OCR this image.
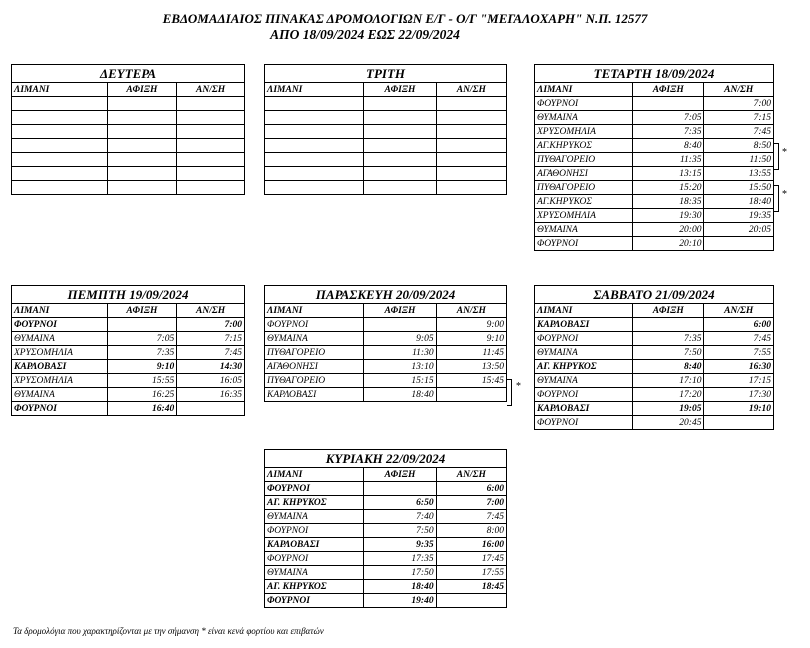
ΕΒΔΟΜΑΔΙΑΙΟΣ ΠΙΝΑΚΑΣ ΔΡΟΜΟΛΟΓΙΩΝ Ε/Γ - Ο/Γ "ΜΕΓΑΛΟΧΑΡΗ" Ν.Π. 12577
ΑΠΟ 18/09/2024 ΕΩΣ 22/09/2024
ΔΕΥΤΕΡΑ		
ΛΙΜΑΝΙ	ΑΦΙΞΗ	ΑΝ/ΣΗ

ΤΡΙΤΗ		
ΛΙΜΑΝΙ	ΑΦΙΞΗ	ΑΝ/ΣΗ

ΤΕΤΑΡΤΗ 18/09/2024		
ΛΙΜΑΝΙ	ΑΦΙΞΗ	ΑΝ/ΣΗ
ΦΟΥΡΝΟΙ		7:00
ΘΥΜΑΙΝΑ	7:05	7:15
ΧΡΥΣΟΜΗΛΙΑ	7:35	7:45
ΑΓ.ΚΗΡΥΚΟΣ	8:40	8:50
ΠΥΘΑΓΟΡΕΙΟ	11:35	11:50
ΑΓΑΘΟΝΗΣΙ	13:15	13:55
ΠΥΘΑΓΟΡΕΙΟ	15:20	15:50
ΑΓ.ΚΗΡΥΚΟΣ	18:35	18:40
ΧΡΥΣΟΜΗΛΙΑ	19:30	19:35
ΘΥΜΑΙΝΑ	20:00	20:05
ΦΟΥΡΝΟΙ	20:10	
ΠΕΜΠΤΗ 19/09/2024		
ΛΙΜΑΝΙ	ΑΦΙΞΗ	ΑΝ/ΣΗ
ΦΟΥΡΝΟΙ		7:00
ΘΥΜΑΙΝΑ	7:05	7:15
ΧΡΥΣΟΜΗΛΙΑ	7:35	7:45
ΚΑΡΛΟΒΑΣΙ	9:10	14:30
ΧΡΥΣΟΜΗΛΙΑ	15:55	16:05
ΘΥΜΑΙΝΑ	16:25	16:35
ΦΟΥΡΝΟΙ	16:40	
ΠΑΡΑΣΚΕΥΗ 20/09/2024		
ΛΙΜΑΝΙ	ΑΦΙΞΗ	ΑΝ/ΣΗ
ΦΟΥΡΝΟΙ		9:00
ΘΥΜΑΙΝΑ	9:05	9:10
ΠΥΘΑΓΟΡΕΙΟ	11:30	11:45
ΑΓΑΘΟΝΗΣΙ	13:10	13:50
ΠΥΘΑΓΟΡΕΙΟ	15:15	15:45
ΚΑΡΛΟΒΑΣΙ	18:40	
ΣΑΒΒΑΤΟ 21/09/2024		
ΛΙΜΑΝΙ	ΑΦΙΞΗ	ΑΝ/ΣΗ
ΚΑΡΛΟΒΑΣΙ		6:00
ΦΟΥΡΝΟΙ	7:35	7:45
ΘΥΜΑΙΝΑ	7:50	7:55
ΑΓ. ΚΗΡΥΚΟΣ	8:40	16:30
ΘΥΜΑΙΝΑ	17:10	17:15
ΦΟΥΡΝΟΙ	17:20	17:30
ΚΑΡΛΟΒΑΣΙ	19:05	19:10
ΦΟΥΡΝΟΙ	20:45	
ΚΥΡΙΑΚΗ 22/09/2024		
ΛΙΜΑΝΙ	ΑΦΙΞΗ	ΑΝ/ΣΗ
ΦΟΥΡΝΟΙ		6:00
ΑΓ. ΚΗΡΥΚΟΣ	6:50	7:00
ΘΥΜΑΙΝΑ	7:40	7:45
ΦΟΥΡΝΟΙ	7:50	8:00
ΚΑΡΛΟΒΑΣΙ	9:35	16:00
ΦΟΥΡΝΟΙ	17:35	17:45
ΘΥΜΑΙΝΑ	17:50	17:55
ΑΓ. ΚΗΡΥΚΟΣ	18:40	18:45
ΦΟΥΡΝΟΙ	19:40	
*
*
*
Τα δρομολόγια που χαρακτηρίζονται με την σήμανση * είναι κενά φορτίου και επιβατών
